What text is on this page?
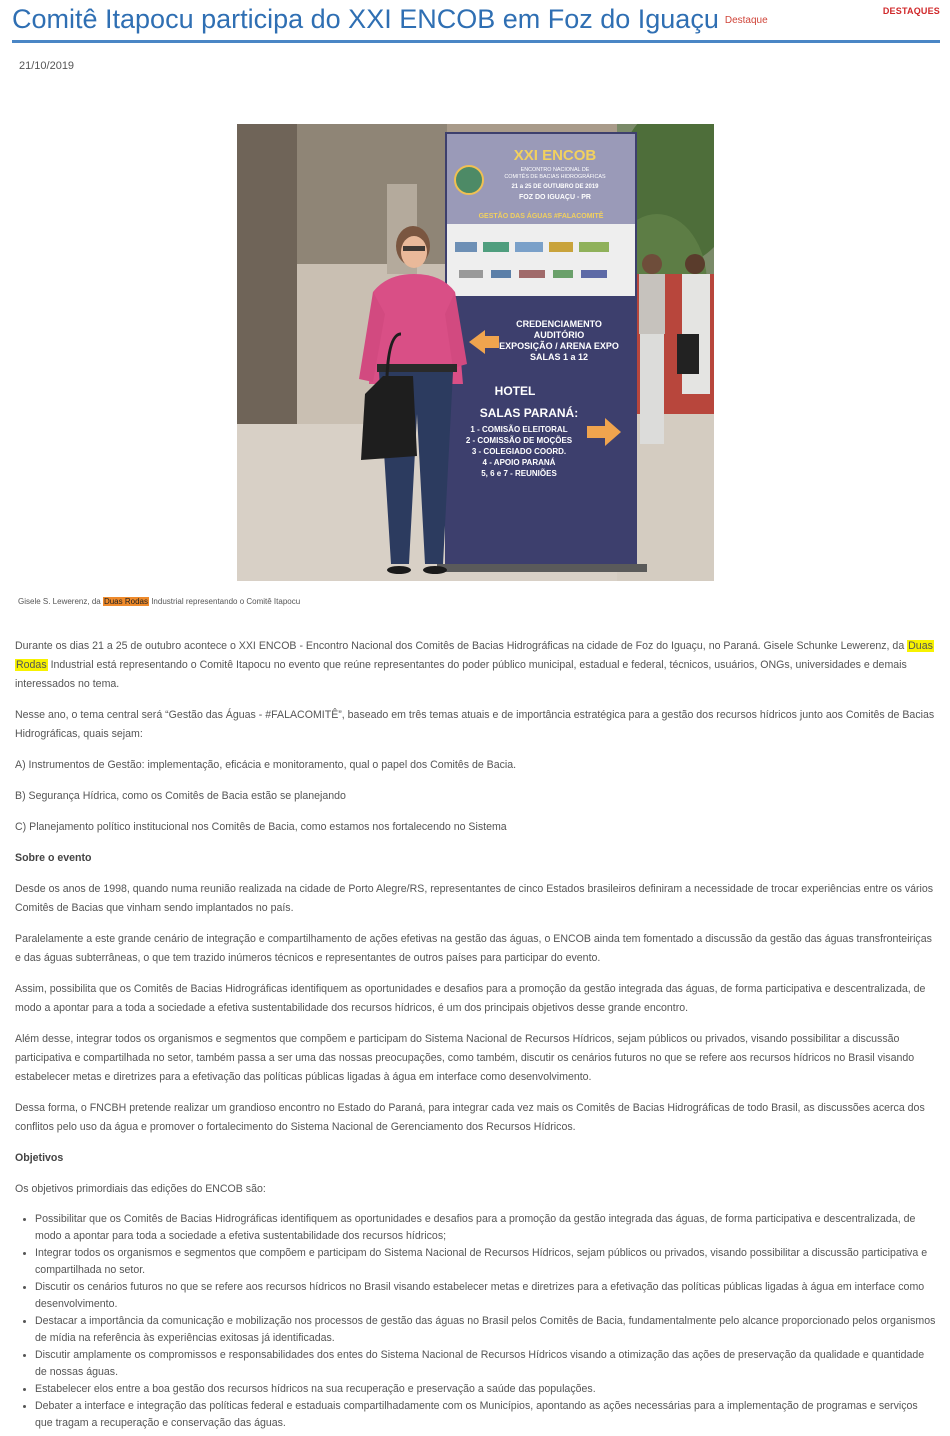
Comitê Itapocu participa do XXI ENCOB em Foz do Iguaçu Destaque
DESTAQUES
21/10/2019
XXI ENCOB
ENCONTRO NACIONAL DE
COMITÊS DE BACIAS HIDROGRÁFICAS
21 a 25 DE OUTUBRO DE 2019
FOZ DO IGUAÇU - PR
GESTÃO DAS ÁGUAS #FALACOMITÊ
CREDENCIAMENTO
AUDITÓRIO
EXPOSIÇÃO / ARENA EXPO
SALAS 1 a 12
HOTEL
SALAS PARANÁ:
1 - COMISÃO ELEITORAL
2 - COMISSÃO DE MOÇÕES
3 - COLEGIADO COORD.
4 - APOIO PARANÁ
5, 6 e 7 - REUNIÕES
Gisele S. Lewerenz, da Duas Rodas Industrial representando o Comitê Itapocu

Durante os dias 21 a 25 de outubro acontece o XXI ENCOB - Encontro Nacional dos Comitês de Bacias Hidrográficas na cidade de Foz do Iguaçu, no Paraná. Gisele Schunke Lewerenz, da Duas
Rodas Industrial está representando o Comitê Itapocu no evento que reúne representantes do poder público municipal, estadual e federal, técnicos, usuários, ONGs, universidades e demais interessados no tema.

Nesse ano, o tema central será “Gestão das Águas - #FALACOMITÊ”, baseado em três temas atuais e de importância estratégica para a gestão dos recursos hídricos junto aos Comitês de Bacias Hidrográficas, quais sejam:

A) Instrumentos de Gestão: implementação, eficácia e monitoramento, qual o papel dos Comitês de Bacia.

B) Segurança Hídrica, como os Comitês de Bacia estão se planejando

C) Planejamento político institucional nos Comitês de Bacia, como estamos nos fortalecendo no Sistema

Sobre o evento

Desde os anos de 1998, quando numa reunião realizada na cidade de Porto Alegre/RS, representantes de cinco Estados brasileiros definiram a necessidade de trocar experiências entre os vários Comitês de Bacias que vinham sendo implantados no país.

Paralelamente a este grande cenário de integração e compartilhamento de ações efetivas na gestão das águas, o ENCOB ainda tem fomentado a discussão da gestão das águas transfronteiriças e das águas subterrâneas, o que tem trazido inúmeros técnicos e representantes de outros países para participar do evento.

Assim, possibilita que os Comitês de Bacias Hidrográficas identifiquem as oportunidades e desafios para a promoção da gestão integrada das águas, de forma participativa e descentralizada, de modo a apontar para a toda a sociedade a efetiva sustentabilidade dos recursos hídricos, é um dos principais objetivos desse grande encontro.

Além desse, integrar todos os organismos e segmentos que compõem e participam do Sistema Nacional de Recursos Hídricos, sejam públicos ou privados, visando possibilitar a discussão participativa e compartilhada no setor, também passa a ser uma das nossas preocupações, como também, discutir os cenários futuros no que se refere aos recursos hídricos no Brasil visando estabelecer metas e diretrizes para a efetivação das políticas públicas ligadas à água em interface como desenvolvimento.

Dessa forma, o FNCBH pretende realizar um grandioso encontro no Estado do Paraná, para integrar cada vez mais os Comitês de Bacias Hidrográficas de todo Brasil, as discussões acerca dos conflitos pelo uso da água e promover o fortalecimento do Sistema Nacional de Gerenciamento dos Recursos Hídricos.

Objetivos

Os objetivos primordiais das edições do ENCOB são:

• Possibilitar que os Comitês de Bacias Hidrográficas identifiquem as oportunidades e desafios para a promoção da gestão integrada das águas, de forma participativa e descentralizada, de modo a apontar para toda a sociedade a efetiva sustentabilidade dos recursos hídricos;
• Integrar todos os organismos e segmentos que compõem e participam do Sistema Nacional de Recursos Hídricos, sejam públicos ou privados, visando possibilitar a discussão participativa e compartilhada no setor.
• Discutir os cenários futuros no que se refere aos recursos hídricos no Brasil visando estabelecer metas e diretrizes para a efetivação das políticas públicas ligadas à água em interface como desenvolvimento.
• Destacar a importância da comunicação e mobilização nos processos de gestão das águas no Brasil pelos Comitês de Bacia, fundamentalmente pelo alcance proporcionado pelos organismos de mídia na referência às experiências exitosas já identificadas.
• Discutir amplamente os compromissos e responsabilidades dos entes do Sistema Nacional de Recursos Hídricos visando a otimização das ações de preservação da qualidade e quantidade de nossas águas.
• Estabelecer elos entre a boa gestão dos recursos hídricos na sua recuperação e preservação a saúde das populações.
• Debater a interface e integração das políticas federal e estaduais compartilhadamente com os Municípios, apontando as ações necessárias para a implementação de programas e serviços que tragam a recuperação e conservação das águas.
